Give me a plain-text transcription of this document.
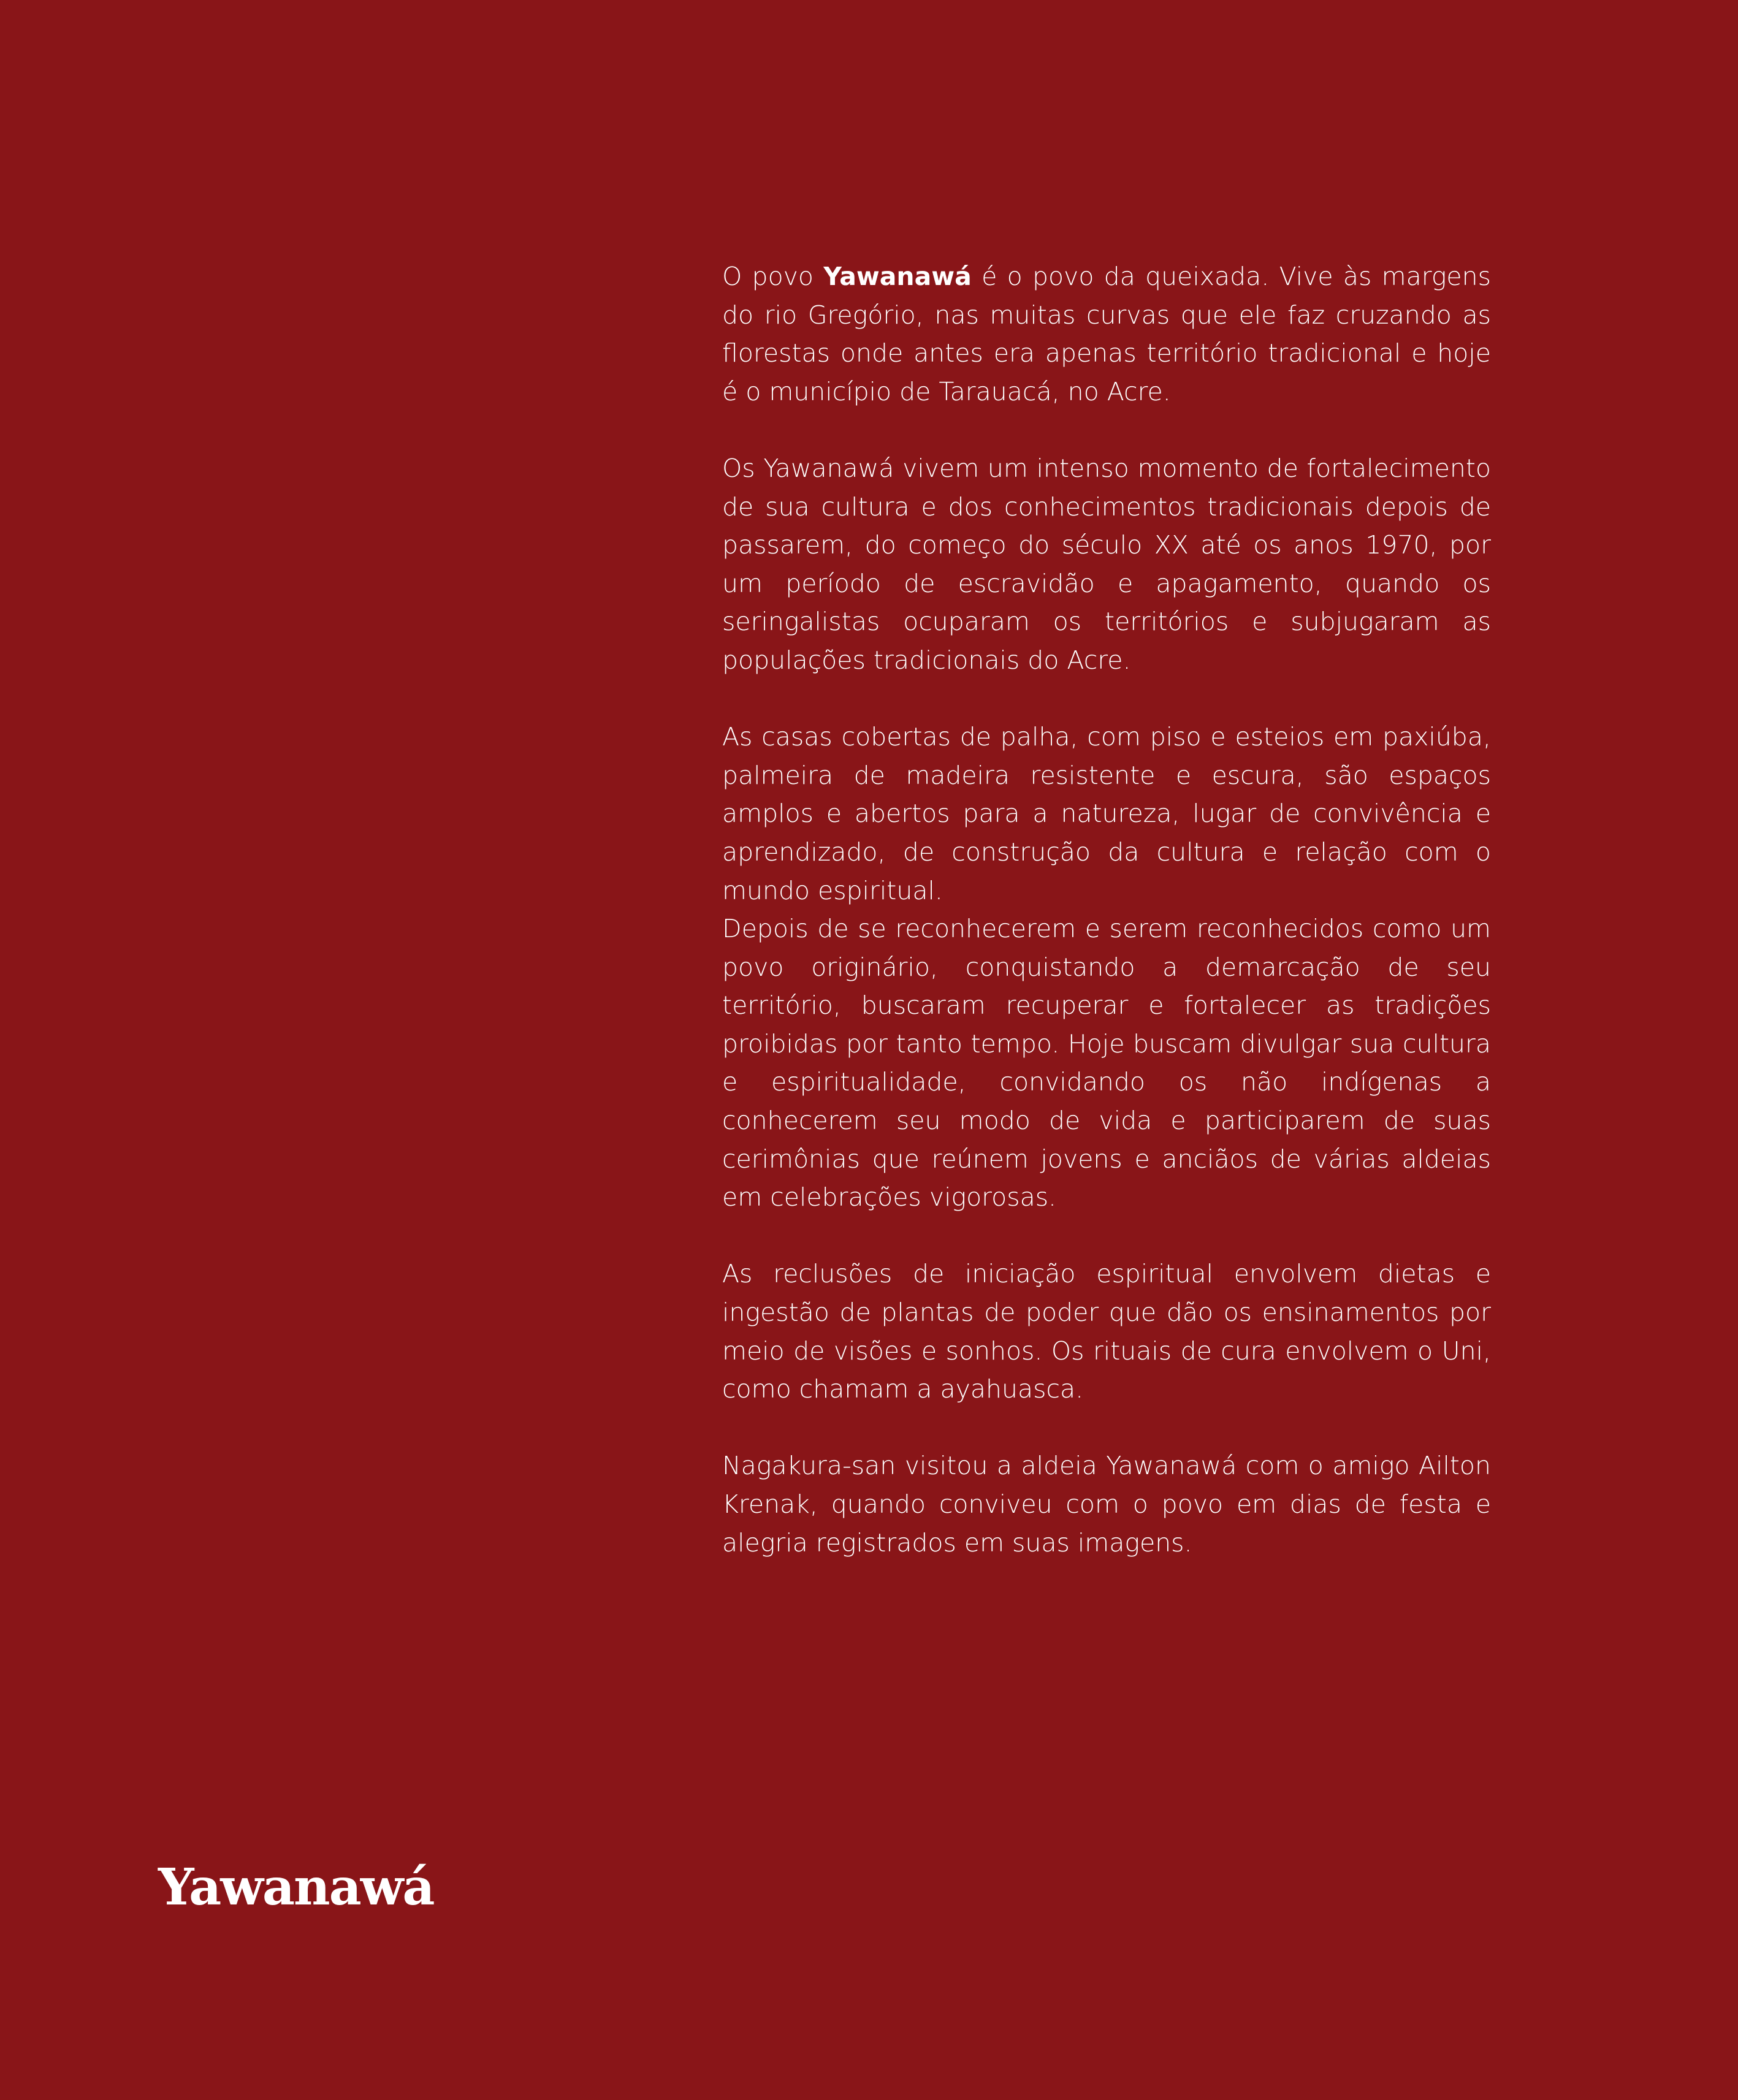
O povo Yawanawá é o povo da queixada. Vive às margens do rio Gregório, nas muitas curvas que ele faz cruzando as florestas onde antes era apenas território tradicional e hoje é o município de Tarauacá, no Acre.

Os Yawanawá vivem um intenso momento de fortalecimento de sua cultura e dos conhecimentos tradicionais depois de passarem, do começo do século XX até os anos 1970, por um período de escravidão e apagamento, quando os seringalistas ocuparam os territórios e subjugaram as populações tradicionais do Acre.

As casas cobertas de palha, com piso e esteios em paxiúba, palmeira de madeira resistente e escura, são espaços amplos e abertos para a natureza, lugar de convivência e aprendizado, de construção da cultura e relação com o mundo espiritual.

Depois de se reconhecerem e serem reconhecidos como um povo originário, conquistando a demarcação de seu território, buscaram recuperar e fortalecer as tradições proibidas por tanto tempo. Hoje buscam divulgar sua cultura e espiritualidade, convidando os não indígenas a conhecerem seu modo de vida e participarem de suas cerimônias que reúnem jovens e anciãos de várias aldeias em celebrações vigorosas.

As reclusões de iniciação espiritual envolvem dietas e ingestão de plantas de poder que dão os ensinamentos por meio de visões e sonhos. Os rituais de cura envolvem o Uni, como chamam a ayahuasca.

Nagakura-san visitou a aldeia Yawanawá com o amigo Ailton Krenak, quando conviveu com o povo em dias de festa e alegria registrados em suas imagens.

Yawanawá
